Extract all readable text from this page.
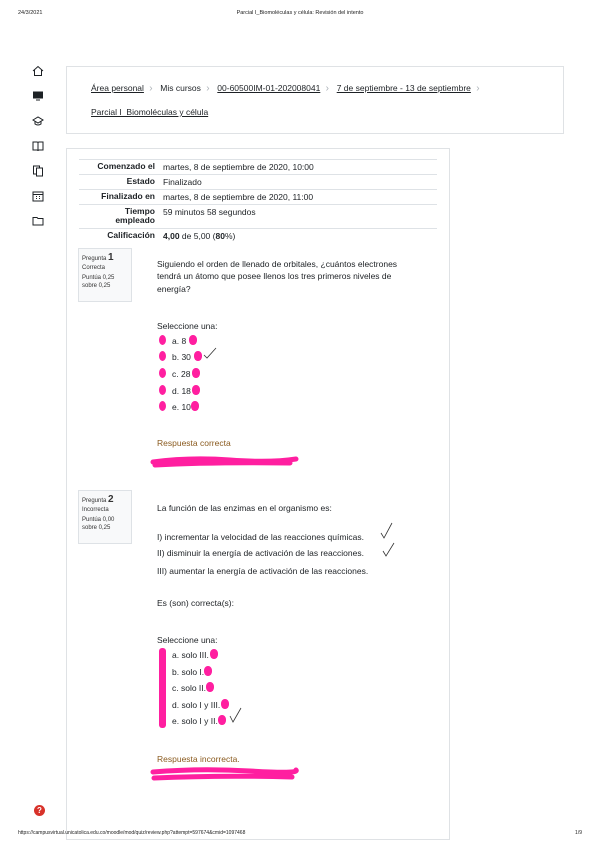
24/3/2021	Parcial I_Biomoléculas y célula: Revisión del intento
Área personal › Mis cursos › 00-60500IM-01-202008041 › 7 de septiembre - 13 de septiembre ›
Parcial I_Biomoléculas y célula
Comenzado el	martes, 8 de septiembre de 2020, 10:00
Estado	Finalizado
Finalizado en	martes, 8 de septiembre de 2020, 11:00
Tiempo empleado	59 minutos 58 segundos
Calificación	4,00 de 5,00 (80%)
Pregunta 1
Correcta
Puntúa 0,25 sobre 0,25
Siguiendo el orden de llenado de orbitales, ¿cuántos electrones tendrá un átomo que posee llenos los tres primeros niveles de energía?
Seleccione una:
a. 8
b. 30
c. 28
d. 18
e. 10
Respuesta correcta
Pregunta 2
Incorrecta
Puntúa 0,00 sobre 0,25
La función de las enzimas en el organismo es:
I) incrementar la velocidad de las reacciones químicas.
II) disminuir la energía de activación de las reacciones.
III) aumentar la energía de activación de las reacciones.
Es (son) correcta(s):
Seleccione una:
a. solo III.
b. solo I.
c. solo II.
d. solo I y III.
e. solo I y II.
Respuesta incorrecta.
?
https://campusvirtual.unicatolica.edu.co/moodle/mod/quiz/review.php?attempt=597674&cmid=1097468	1/9
